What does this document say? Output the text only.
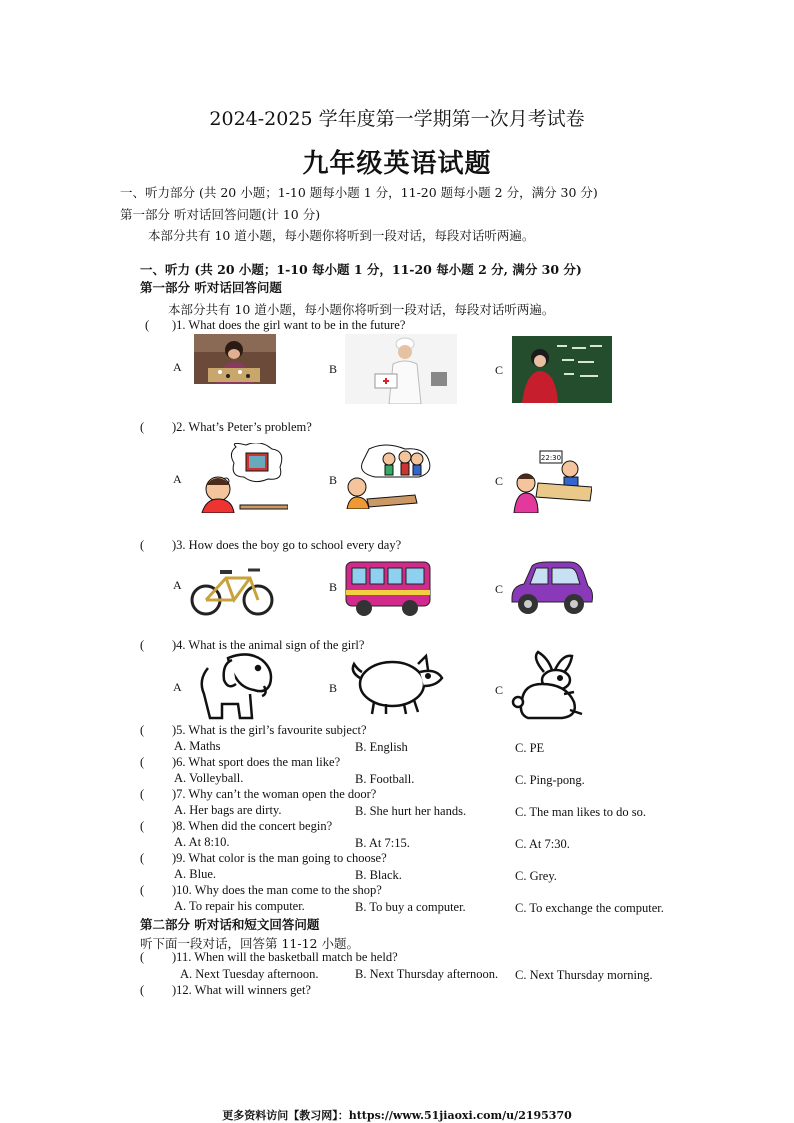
2024-2025 学年度第一学期第一次月考试卷
九年级英语试题
一、听力部分 (共 20 小题；1-10 题每小题 1 分，11-20 题每小题 2 分，满分 30 分)
第一部分 听对话回答问题(计 10 分)
本部分共有 10 道小题，每小题你将听到一段对话，每段对话听两遍。
一、听力 (共 20 小题；1-10 每小题 1 分，11-20 每小题 2 分, 满分 30 分)
第一部分 听对话回答问题
本部分共有 10 道小题，每小题你将听到一段对话，每段对话听两遍。
( )1. What does the girl want to be in the future?
A	B	C
( )2. What’s Peter’s problem?
A	B	C
22:30
( )3. How does the boy go to school every day?
A	B	C
( )4. What is the animal sign of the girl?
A	B	C
( )5. What is the girl’s favourite subject?
A. Maths	B. English	C. PE
( )6. What sport does the man like?
A. Volleyball.	B. Football.	C. Ping-pong.
( )7. Why can’t the woman open the door?
A. Her bags are dirty.	B. She hurt her hands.	C. The man likes to do so.
( )8. When did the concert begin?
A. At 8:10.	B. At 7:15.	C. At 7:30.
( )9. What color is the man going to choose?
A. Blue.	B. Black.	C. Grey.
( )10. Why does the man come to the shop?
A. To repair his computer.	B. To buy a computer.	C. To exchange the computer.
第二部分 听对话和短文回答问题
听下面一段对话，回答第 11-12 小题。
( )11. When will the basketball match be held?
A. Next Tuesday afternoon.	B. Next Thursday afternoon. C. Next Thursday morning.
( )12. What will winners get?
更多资料访问【教习网】：https://www.51jiaoxi.com/u/2195370
